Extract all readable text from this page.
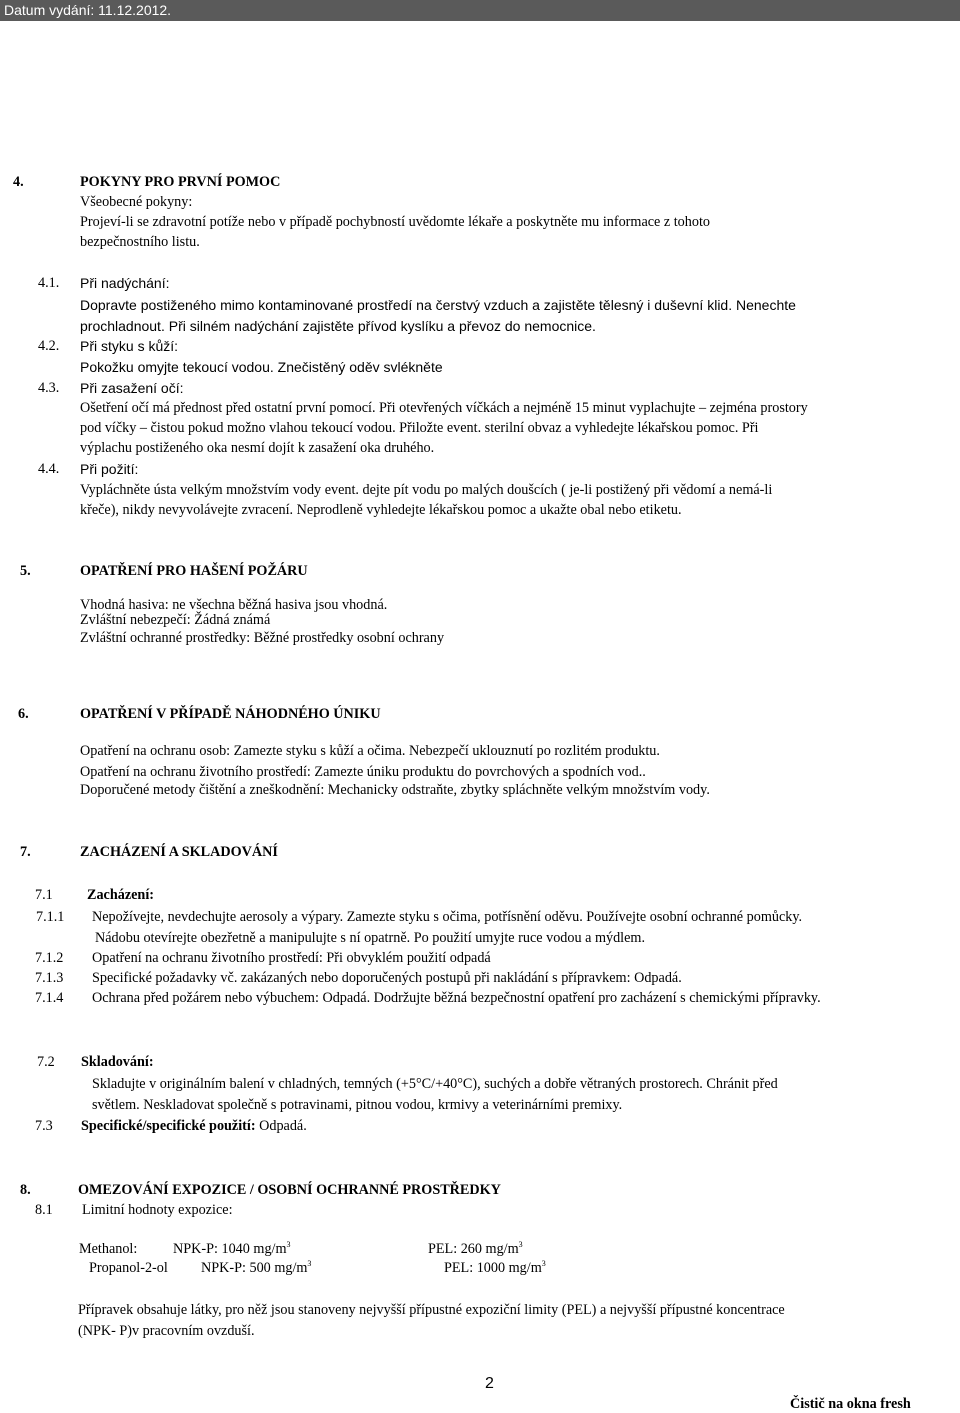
Datum vydání: 11.12.2012.
4.	POKYNY PRO PRVNÍ POMOC
Všeobecné pokyny:
Projeví-li se zdravotní potíže nebo v případě pochybností uvědomte lékaře a poskytněte mu informace z tohoto
bezpečnostního listu.
4.1. Při nadýchání:
Dopravte postiženého mimo kontaminované prostředí na čerstvý vzduch a zajistěte tělesný i duševní klid. Nenechte
prochladnout. Při silném nadýchání zajistěte přívod kyslíku a převoz do nemocnice.
4.2. Při styku s kůží:
Pokožku omyjte tekoucí vodou. Znečistěný oděv svlékněte
4.3. Při zasažení očí:
Ošetření očí má přednost před ostatní první pomocí. Při otevřených víčkách a nejméně 15 minut vyplachujte – zejména prostory
pod víčky – čistou pokud možno vlahou tekoucí vodou. Přiložte event. sterilní obvaz a vyhledejte lékařskou pomoc. Při
výplachu postiženého oka nesmí dojít k zasažení oka druhého.
4.4. Při požití:
Vypláchněte ústa velkým množstvím vody event. dejte pít vodu po malých doušcích ( je-li postižený při vědomí a nemá-li
křeče), nikdy nevyvolávejte zvracení. Neprodleně vyhledejte lékařskou pomoc a ukažte obal nebo etiketu.
5.	OPATŘENÍ PRO HAŠENÍ POŽÁRU
Vhodná hasiva: ne všechna běžná hasiva jsou vhodná.
Zvláštní nebezpečí: Žádná známá
Zvláštní ochranné prostředky: Běžné prostředky osobní ochrany
6.	OPATŘENÍ V PŘÍPADĚ NÁHODNÉHO ÚNIKU
Opatření na ochranu osob: Zamezte styku s kůží a očima. Nebezpečí uklouznutí po rozlitém produktu.
Opatření na ochranu životního prostředí: Zamezte úniku produktu do povrchových a spodních vod..
Doporučené metody čištění a zneškodnění: Mechanicky odstraňte, zbytky spláchněte velkým množstvím vody.
7.	ZACHÁZENÍ A SKLADOVÁNÍ
7.1 Zacházení:
7.1.1 Nepožívejte, nevdechujte aerosoly a výpary. Zamezte styku s očima, potřísnění oděvu. Používejte osobní ochranné pomůcky.
Nádobu otevírejte obezřetně a manipulujte s ní opatrně. Po použití umyjte ruce vodou a mýdlem.
7.1.2 Opatření na ochranu životního prostředí: Při obvyklém použití odpadá
7.1.3 Specifické požadavky vč. zakázaných nebo doporučených postupů při nakládání s přípravkem: Odpadá.
7.1.4 Ochrana před požárem nebo výbuchem: Odpadá. Dodržujte běžná bezpečnostní opatření pro zacházení s chemickými přípravky.
7.2 Skladování:
Skladujte v originálním balení v chladných, temných (+5°C/+40°C), suchých a dobře větraných prostorech. Chránit před
světlem. Neskladovat společně s potravinami, pitnou vodou, krmivy a veterinárními premixy.
7.3 Specifické/specifické použití: Odpadá.
8.	OMEZOVÁNÍ EXPOZICE / OSOBNÍ OCHRANNÉ PROSTŘEDKY
8.1 Limitní hodnoty expozice:
Methanol:	NPK-P: 1040 $mg/m^3$	PEL: 260 $mg/m^3$
Propanol-2-ol NPK-P: 500 $mg/m^3$	PEL: 1000 $mg/m^3$
Přípravek obsahuje látky, pro něž jsou stanoveny nejvyšší přípustné expoziční limity (PEL) a nejvyšší přípustné koncentrace
(NPK- P)v pracovním ovzduší.
2
Čistič na okna fresh
